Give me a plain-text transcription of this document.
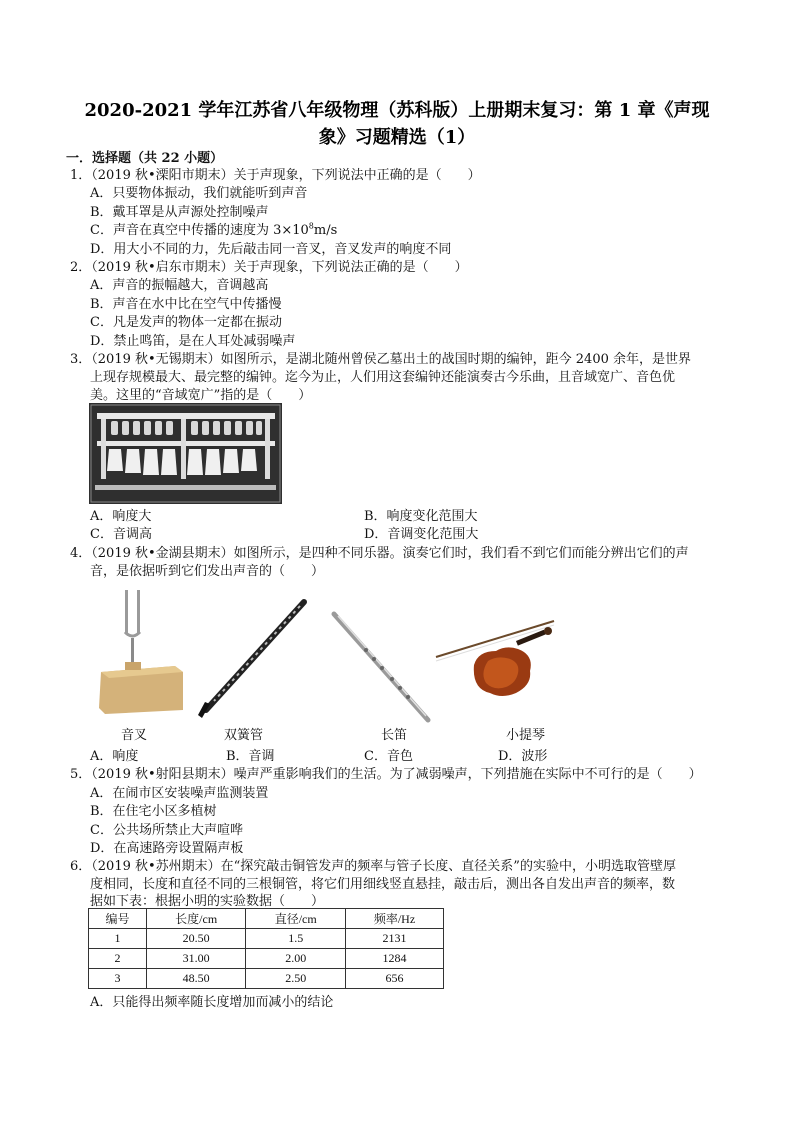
2020-2021 学年江苏省八年级物理（苏科版）上册期末复习：第 1 章《声现
象》习题精选（1）
一．选择题（共 22 小题）
1．（2019 秋•溧阳市期末）关于声现象，下列说法中正确的是（　　）
A．只要物体振动，我们就能听到声音
B．戴耳罩是从声源处控制噪声
C．声音在真空中传播的速度为 $3\times 10^8m/s$
D．用大小不同的力，先后敲击同一音叉，音叉发声的响度不同
2．（2019 秋•启东市期末）关于声现象，下列说法正确的是（　　）
A．声音的振幅越大，音调越高
B．声音在水中比在空气中传播慢
C．凡是发声的物体一定都在振动
D．禁止鸣笛，是在人耳处减弱噪声
3．（2019 秋•无锡期末）如图所示，是湖北随州曾侯乙墓出土的战国时期的编钟，距今 2400 余年，是世界
上现存规模最大、最完整的编钟。迄今为止，人们用这套编钟还能演奏古今乐曲，且音域宽广、音色优
美。这里的“音域宽广”指的是（　　）
A．响度大	B．响度变化范围大
C．音调高	D．音调变化范围大
4．（2019 秋•金湖县期末）如图所示，是四种不同乐器。演奏它们时，我们看不到它们而能分辨出它们的声
音，是依据听到它们发出声音的（　　）
音叉	双簧管	长笛	小提琴
A．响度	B．音调	C．音色	D．波形
5．（2019 秋•射阳县期末）噪声严重影响我们的生活。为了减弱噪声，下列措施在实际中不可行的是（　　）
A．在闹市区安装噪声监测装置
B．在住宅小区多植树
C．公共场所禁止大声喧哗
D．在高速路旁设置隔声板
6．（2019 秋•苏州期末）在“探究敲击铜管发声的频率与管子长度、直径关系”的实验中，小明选取管壁厚
度相同，长度和直径不同的三根铜管，将它们用细线竖直悬挂，敲击后，测出各自发出声音的频率，数
据如下表：根据小明的实验数据（　　）
编号	长度/cm	直径/cm	频率/Hz
1	20.50	1.5	2131
2	31.00	2.00	1284
3	48.50	2.50	656
A．只能得出频率随长度增加而减小的结论
